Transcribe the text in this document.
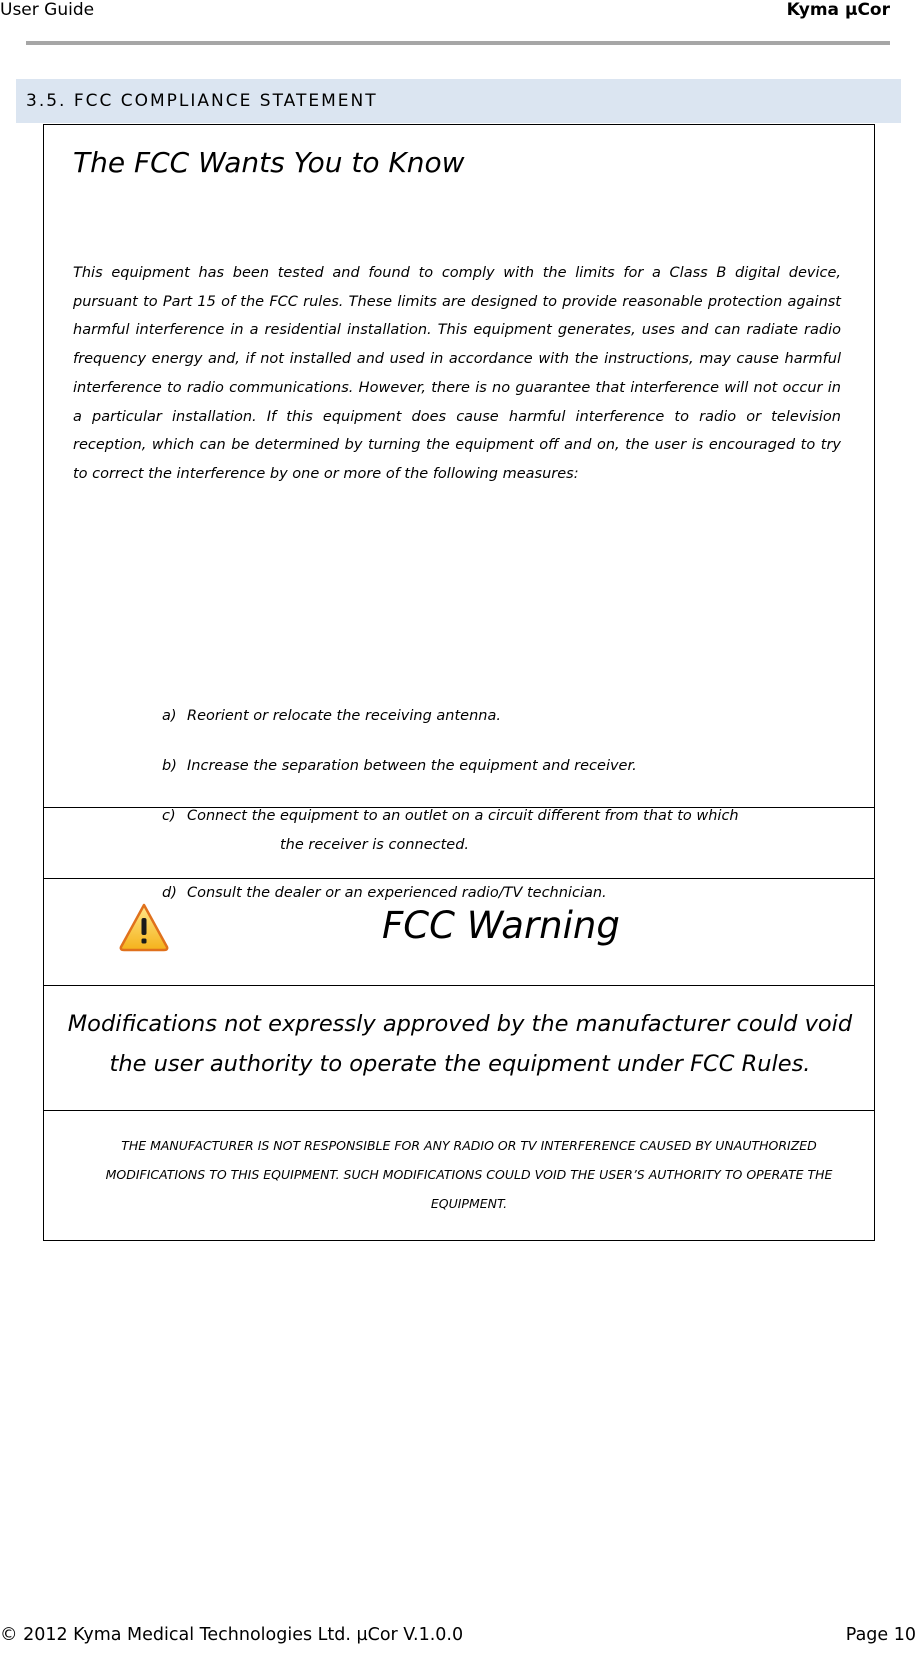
User Guide	Kyma µCor
3.5. FCC COMPLIANCE STATEMENT
The FCC Wants You to Know

This equipment has been tested and found to comply with the limits for a Class B digital device, pursuant to Part 15 of the FCC rules. These limits are designed to provide reasonable protection against harmful interference in a residential installation. This equipment generates, uses and can radiate radio frequency energy and, if not installed and used in accordance with the instructions, may cause harmful interference to radio communications. However, there is no guarantee that interference will not occur in a particular installation. If this equipment does cause harmful interference to radio or television reception, which can be determined by turning the equipment off and on, the user is encouraged to try to correct the interference by one or more of the following measures:

a) Reorient or relocate the receiving antenna.
b) Increase the separation between the equipment and receiver.
c) Connect the equipment to an outlet on a circuit different from that to which
the receiver is connected.
d) Consult the dealer or an experienced radio/TV technician.
FCC Warning

Modifications not expressly approved by the manufacturer could void the user authority to operate the equipment under FCC Rules.

THE MANUFACTURER IS NOT RESPONSIBLE FOR ANY RADIO OR TV INTERFERENCE CAUSED BY UNAUTHORIZED MODIFICATIONS TO THIS EQUIPMENT. SUCH MODIFICATIONS COULD VOID THE USER’S AUTHORITY TO OPERATE THE EQUIPMENT.

© 2012 Kyma Medical Technologies Ltd. µCor V.1.0.0	Page 10
